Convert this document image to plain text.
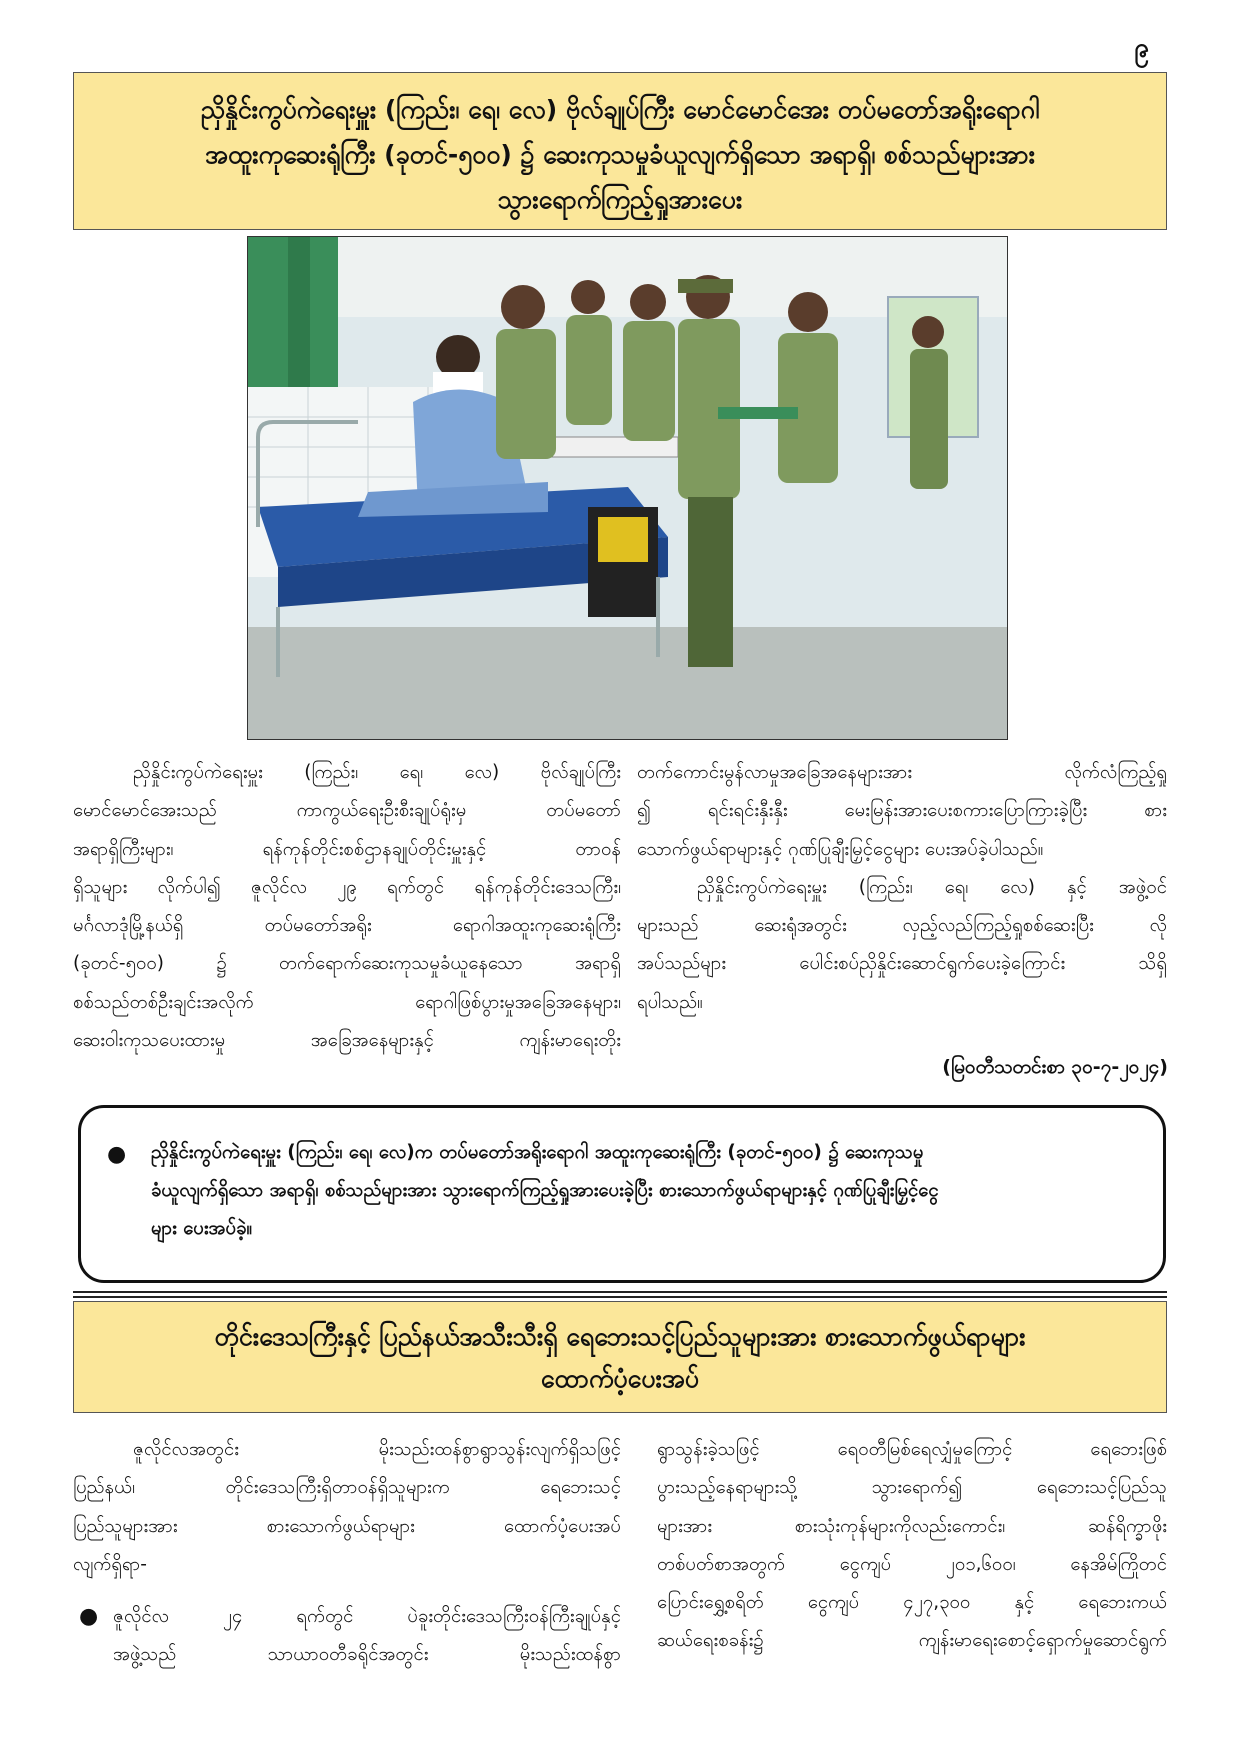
၉
ညှိနှိုင်းကွပ်ကဲရေးမှူး (ကြည်း၊ ရေ၊ လေ) ဗိုလ်ချုပ်ကြီး မောင်မောင်အေး တပ်မတော်အရိုးရောဂါ
အထူးကုဆေးရုံကြီး (ခုတင်-၅၀၀) ၌ ဆေးကုသမှုခံယူလျက်ရှိသော အရာရှိ၊ စစ်သည်များအား
သွားရောက်ကြည့်ရှုအားပေး
ညှိနှိုင်းကွပ်ကဲရေးမှူး (ကြည်း၊ ရေ၊ လေ) ဗိုလ်ချုပ်ကြီး
မောင်မောင်အေးသည် ကာကွယ်ရေးဦးစီးချုပ်ရုံးမှ တပ်မတော်
အရာရှိကြီးများ၊ ရန်ကုန်တိုင်းစစ်ဌာနချုပ်တိုင်းမှူးနှင့် တာဝန်
ရှိသူများ လိုက်ပါ၍ ဇူလိုင်လ ၂၉ ရက်တွင် ရန်ကုန်တိုင်းဒေသကြီး၊
မင်္ဂလာဒုံမြို့နယ်ရှိ တပ်မတော်အရိုး ရောဂါအထူးကုဆေးရုံကြီး
(ခုတင်-၅၀၀) ၌ တက်ရောက်ဆေးကုသမှုခံယူနေသော အရာရှိ
စစ်သည်တစ်ဦးချင်းအလိုက် ရောဂါဖြစ်ပွားမှုအခြေအနေများ၊
ဆေးဝါးကုသပေးထားမှု အခြေအနေများနှင့် ကျန်းမာရေးတိုး
တက်ကောင်းမွန်လာမှုအခြေအနေများအား လိုက်လံကြည့်ရှု
၍ ရင်းရင်းနှီးနှီး မေးမြန်းအားပေးစကားပြောကြားခဲ့ပြီး စား
သောက်ဖွယ်ရာများနှင့် ဂုဏ်ပြုချီးမြှင့်ငွေများ ပေးအပ်ခဲ့ပါသည်။
ညှိနှိုင်းကွပ်ကဲရေးမှူး (ကြည်း၊ ရေ၊ လေ) နှင့် အဖွဲ့ဝင်
များသည် ဆေးရုံအတွင်း လှည့်လည်ကြည့်ရှုစစ်ဆေးပြီး လို
အပ်သည်များ ပေါင်းစပ်ညှိနှိုင်းဆောင်ရွက်ပေးခဲ့ကြောင်း သိရှိ
ရပါသည်။
(မြဝတီသတင်းစာ ၃၀-၇-၂၀၂၄)
● ညှိနှိုင်းကွပ်ကဲရေးမှူး (ကြည်း၊ ရေ၊ လေ)က တပ်မတော်အရိုးရောဂါ အထူးကုဆေးရုံကြီး (ခုတင်-၅၀၀) ၌ ဆေးကုသမှု
ခံယူလျက်ရှိသော အရာရှိ၊ စစ်သည်များအား သွားရောက်ကြည့်ရှုအားပေးခဲ့ပြီး စားသောက်ဖွယ်ရာများနှင့် ဂုဏ်ပြုချီးမြှင့်ငွေ
များ ပေးအပ်ခဲ့။
တိုင်းဒေသကြီးနှင့် ပြည်နယ်အသီးသီးရှိ ရေဘေးသင့်ပြည်သူများအား စားသောက်ဖွယ်ရာများ
ထောက်ပံ့ပေးအပ်
ဇူလိုင်လအတွင်း မိုးသည်းထန်စွာရွာသွန်းလျက်ရှိသဖြင့်
ပြည်နယ်၊ တိုင်းဒေသကြီးရှိတာဝန်ရှိသူများက ရေဘေးသင့်
ပြည်သူများအား စားသောက်ဖွယ်ရာများ ထောက်ပံ့ပေးအပ်
လျက်ရှိရာ-
● ဇူလိုင်လ ၂၄ ရက်တွင် ပဲခူးတိုင်းဒေသကြီးဝန်ကြီးချုပ်နှင့်
အဖွဲ့သည် သာယာဝတီခရိုင်အတွင်း မိုးသည်းထန်စွာ
ရွာသွန်းခဲ့သဖြင့် ရေဝတီမြစ်ရေလျှံမှုကြောင့် ရေဘေးဖြစ်
ပွားသည့်နေရာများသို့ သွားရောက်၍ ရေဘေးသင့်ပြည်သူ
များအား စားသုံးကုန်များကိုလည်းကောင်း၊ ဆန်ရိက္ခာဖိုး
တစ်ပတ်စာအတွက် ငွေကျပ် ၂၀၁,၆၀၀၊ နေအိမ်ကြိုတင်
ပြောင်းရွှေ့စရိတ် ငွေကျပ် ၄၂၇,၃၀၀ နှင့် ရေဘေးကယ်
ဆယ်ရေးစခန်း၌ ကျန်းမာရေးစောင့်ရှောက်မှုဆောင်ရွက်
